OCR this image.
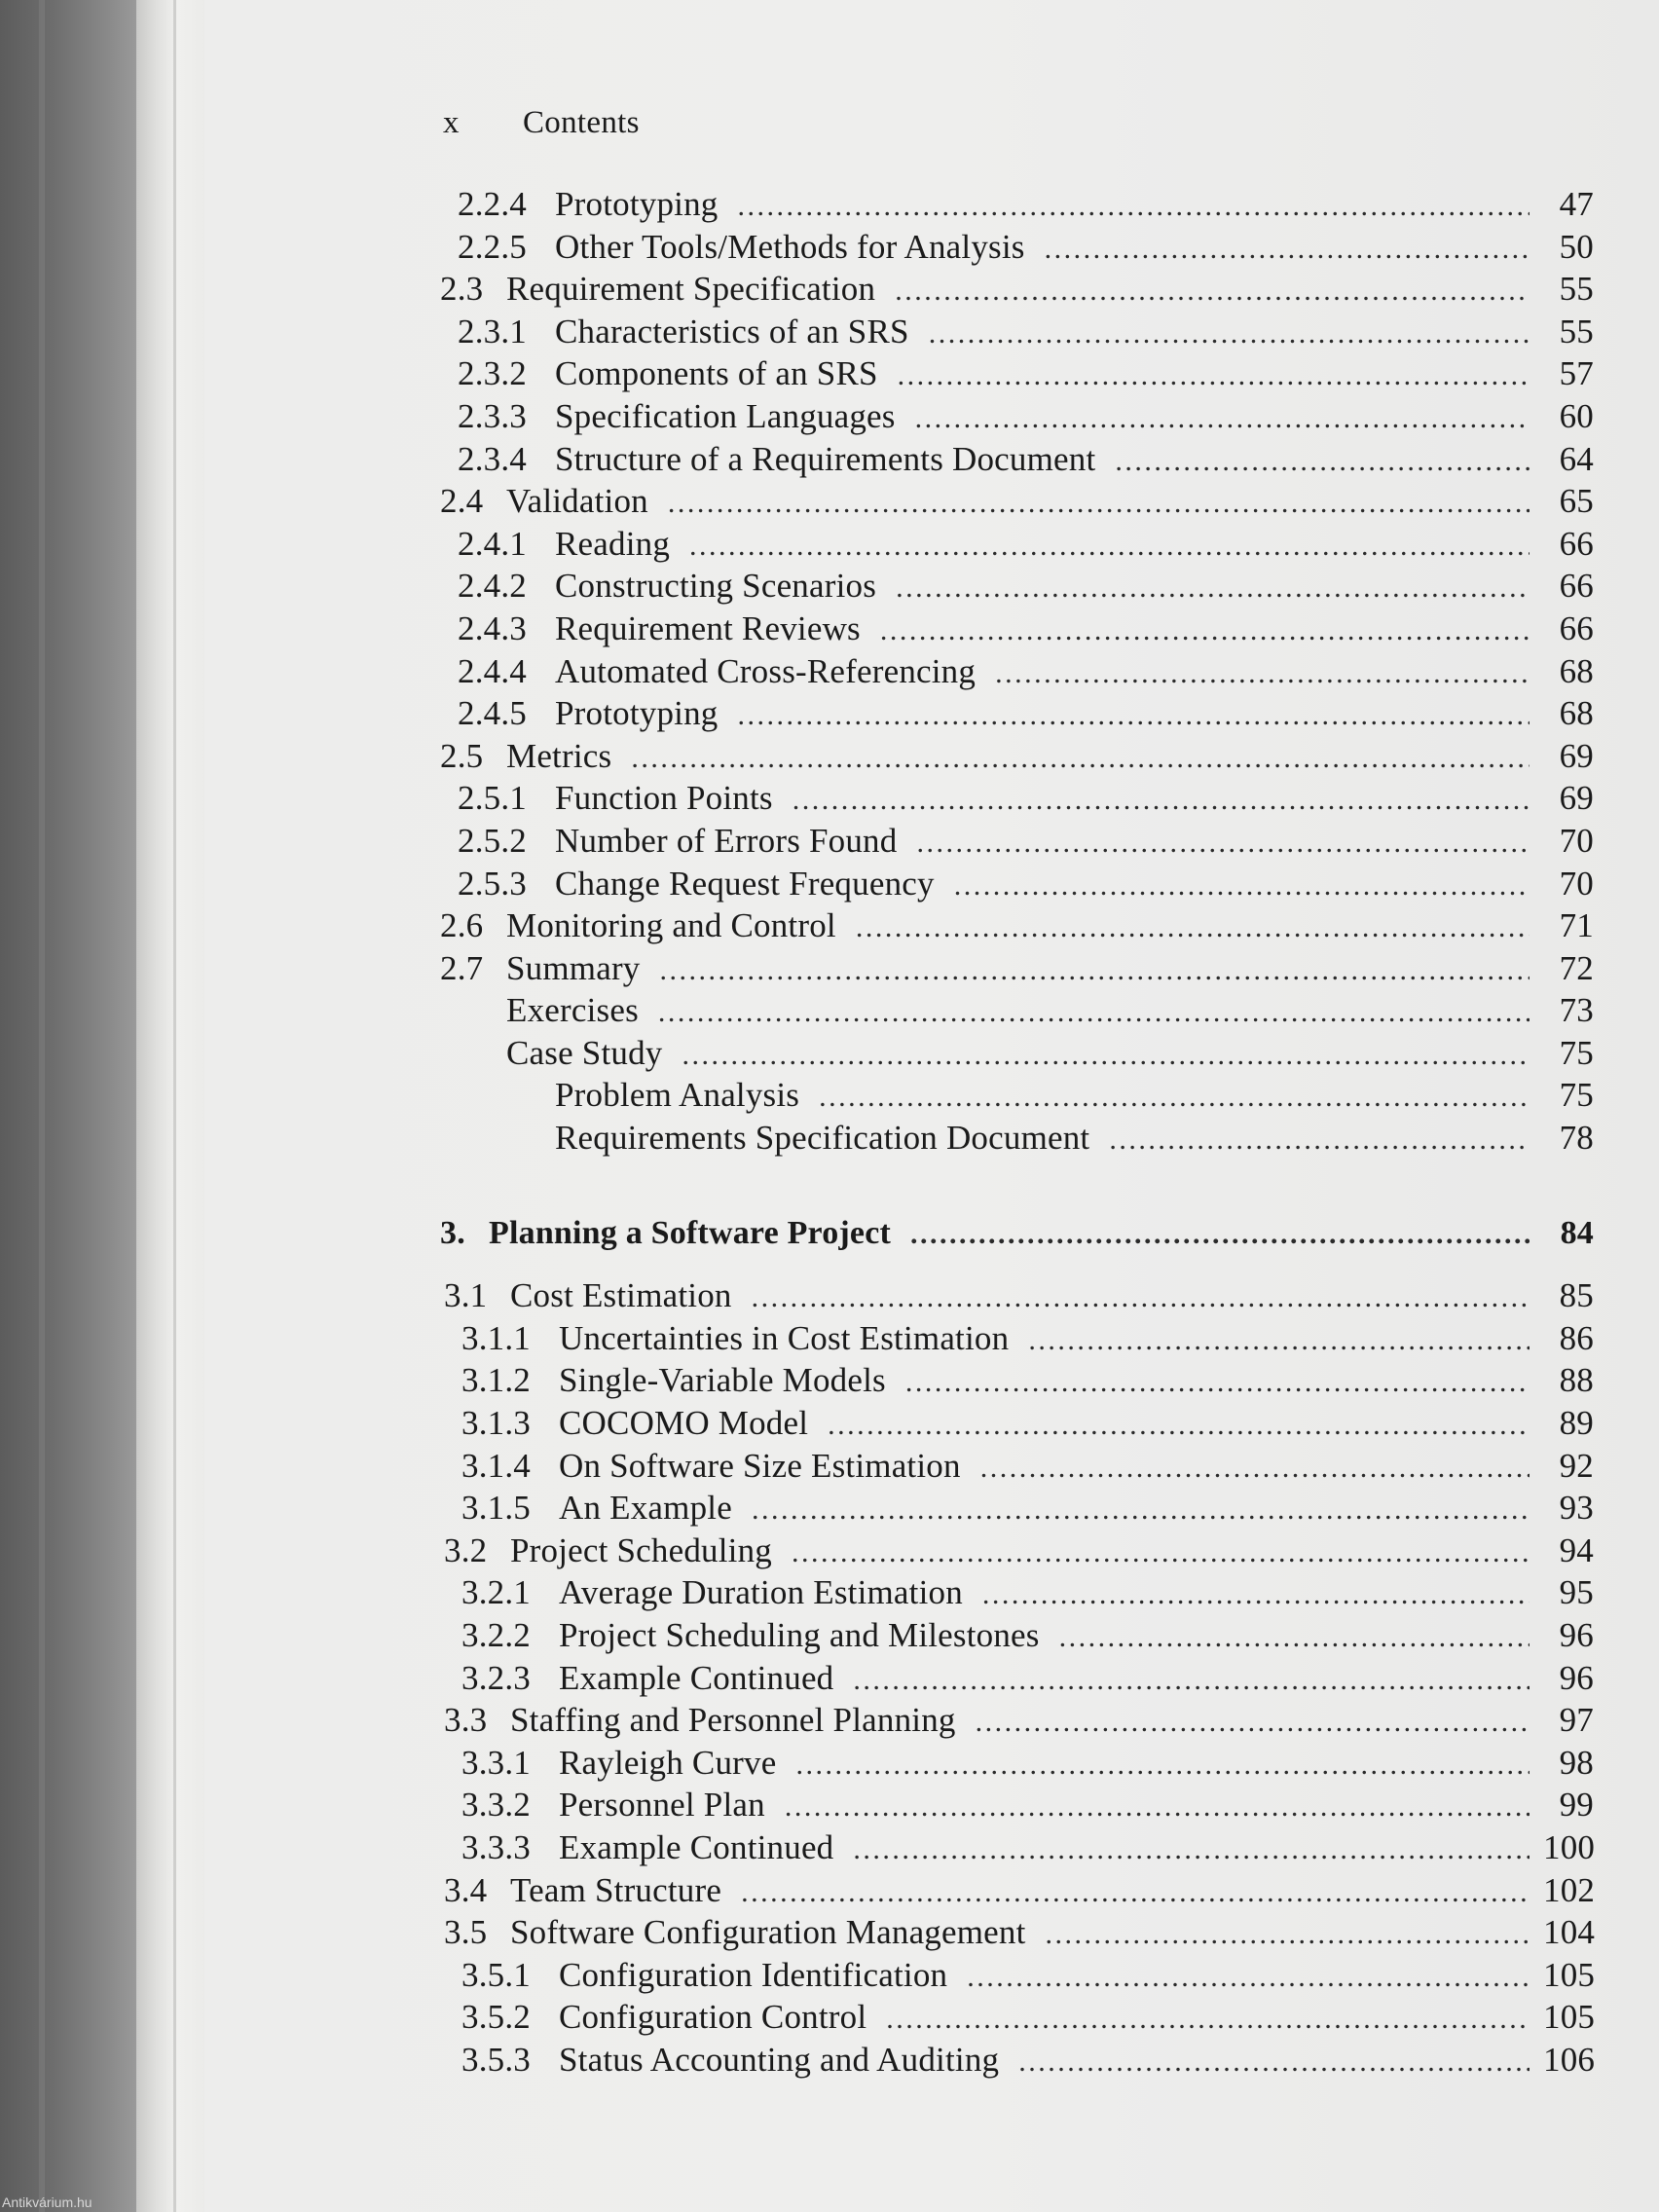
Antikvárium.hu
x Contents
2.2.4 Prototyping . . .	47
2.2.5 Other Tools/Methods for Analysis . . .	50
2.3 Requirement Specification . . .	55
2.3.1 Characteristics of an SRS . . .	55
2.3.2 Components of an SRS . . .	57
2.3.3 Specification Languages . . .	60
2.3.4 Structure of a Requirements Document . . .	64
2.4 Validation . . .	65
2.4.1 Reading . . .	66
2.4.2 Constructing Scenarios . . .	66
2.4.3 Requirement Reviews . . .	66
2.4.4 Automated Cross-Referencing . . .	68
2.4.5 Prototyping . . .	68
2.5 Metrics . . .	69
2.5.1 Function Points . . .	69
2.5.2 Number of Errors Found . . .	70
2.5.3 Change Request Frequency . . .	70
2.6 Monitoring and Control . . .	71
2.7 Summary . . .	72
Exercises . . .	73
Case Study . . .	75
Problem Analysis . . .	75
Requirements Specification Document . . .	78
3. Planning a Software Project . . .	84
3.1 Cost Estimation . . .	85
3.1.1 Uncertainties in Cost Estimation . . .	86
3.1.2 Single-Variable Models . . .	88
3.1.3 COCOMO Model . . .	89
3.1.4 On Software Size Estimation . . .	92
3.1.5 An Example . . .	93
3.2 Project Scheduling . . .	94
3.2.1 Average Duration Estimation . . .	95
3.2.2 Project Scheduling and Milestones . . .	96
3.2.3 Example Continued . . .	96
3.3 Staffing and Personnel Planning . . .	97
3.3.1 Rayleigh Curve . . .	98
3.3.2 Personnel Plan . . .	99
3.3.3 Example Continued . . .	100
3.4 Team Structure . . .	102
3.5 Software Configuration Management . . .	104
3.5.1 Configuration Identification . . .	105
3.5.2 Configuration Control . . .	105
3.5.3 Status Accounting and Auditing . . .	106
